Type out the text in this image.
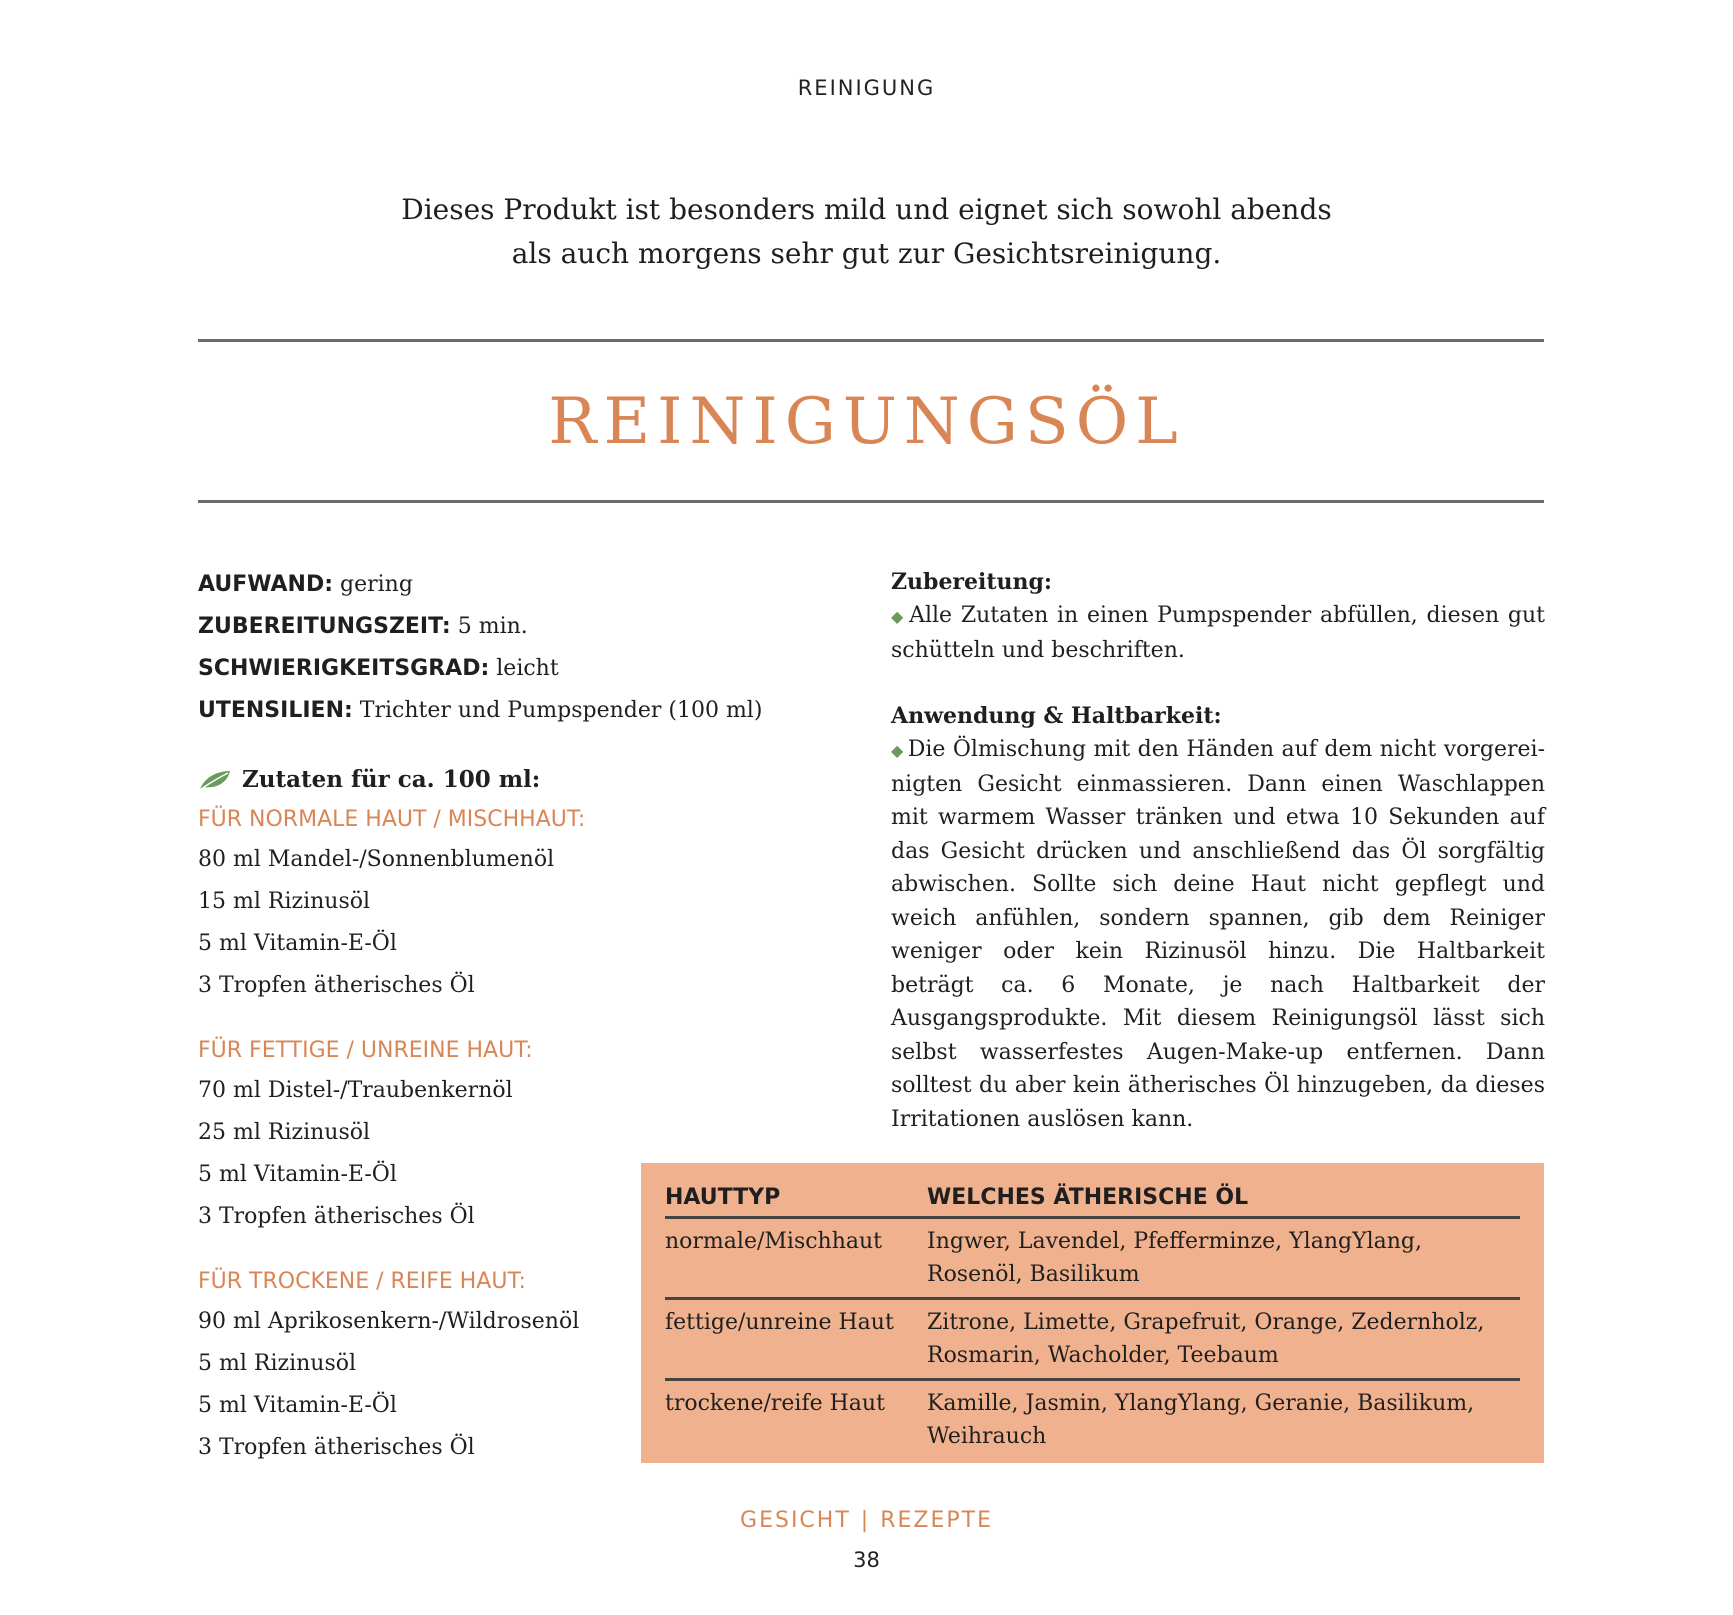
REINIGUNG
Dieses Produkt ist besonders mild und eignet sich sowohl abends
als auch morgens sehr gut zur Gesichtsreinigung.
REINIGUNGSÖL
AUFWAND: gering
ZUBEREITUNGSZEIT: 5 min.
SCHWIERIGKEITSGRAD: leicht
UTENSILIEN: Trichter und Pumpspender (100 ml)
Zutaten für ca. 100 ml:
FÜR NORMALE HAUT / MISCHHAUT:
80 ml Mandel-/Sonnenblumenöl
15 ml Rizinusöl
5 ml Vitamin-E-Öl
3 Tropfen ätherisches Öl
FÜR FETTIGE / UNREINE HAUT:
70 ml Distel-/Traubenkernöl
25 ml Rizinusöl
5 ml Vitamin-E-Öl
3 Tropfen ätherisches Öl
FÜR TROCKENE / REIFE HAUT:
90 ml Aprikosenkern-/Wildrosenöl
5 ml Rizinusöl
5 ml Vitamin-E-Öl
3 Tropfen ätherisches Öl
Zubereitung:
◆ Alle Zutaten in einen Pumpspender abfüllen, diesen gut schütteln und beschriften.
Anwendung & Haltbarkeit:
◆ Die Ölmischung mit den Händen auf dem nicht vorgereinigten Gesicht einmassieren. Dann einen Waschlappen mit warmem Wasser tränken und etwa 10 Sekunden auf das Gesicht drücken und anschließend das Öl sorgfältig abwischen. Sollte sich deine Haut nicht gepflegt und weich anfühlen, sondern spannen, gib dem Reiniger weniger oder kein Rizinusöl hinzu. Die Haltbarkeit beträgt ca. 6 Monate, je nach Haltbarkeit der Ausgangsprodukte. Mit diesem Reinigungsöl lässt sich selbst wasserfestes Augen-Make-up entfernen. Dann solltest du aber kein ätherisches Öl hinzugeben, da dieses Irritationen auslösen kann.
HAUTTYP	WELCHES ÄTHERISCHE ÖL
normale/Mischhaut	Ingwer, Lavendel, Pfefferminze, YlangYlang, Rosenöl, Basilikum
fettige/unreine Haut	Zitrone, Limette, Grapefruit, Orange, Zedernholz, Rosmarin, Wacholder, Teebaum
trockene/reife Haut	Kamille, Jasmin, YlangYlang, Geranie, Basilikum, Weihrauch
GESICHT | REZEPTE
38
